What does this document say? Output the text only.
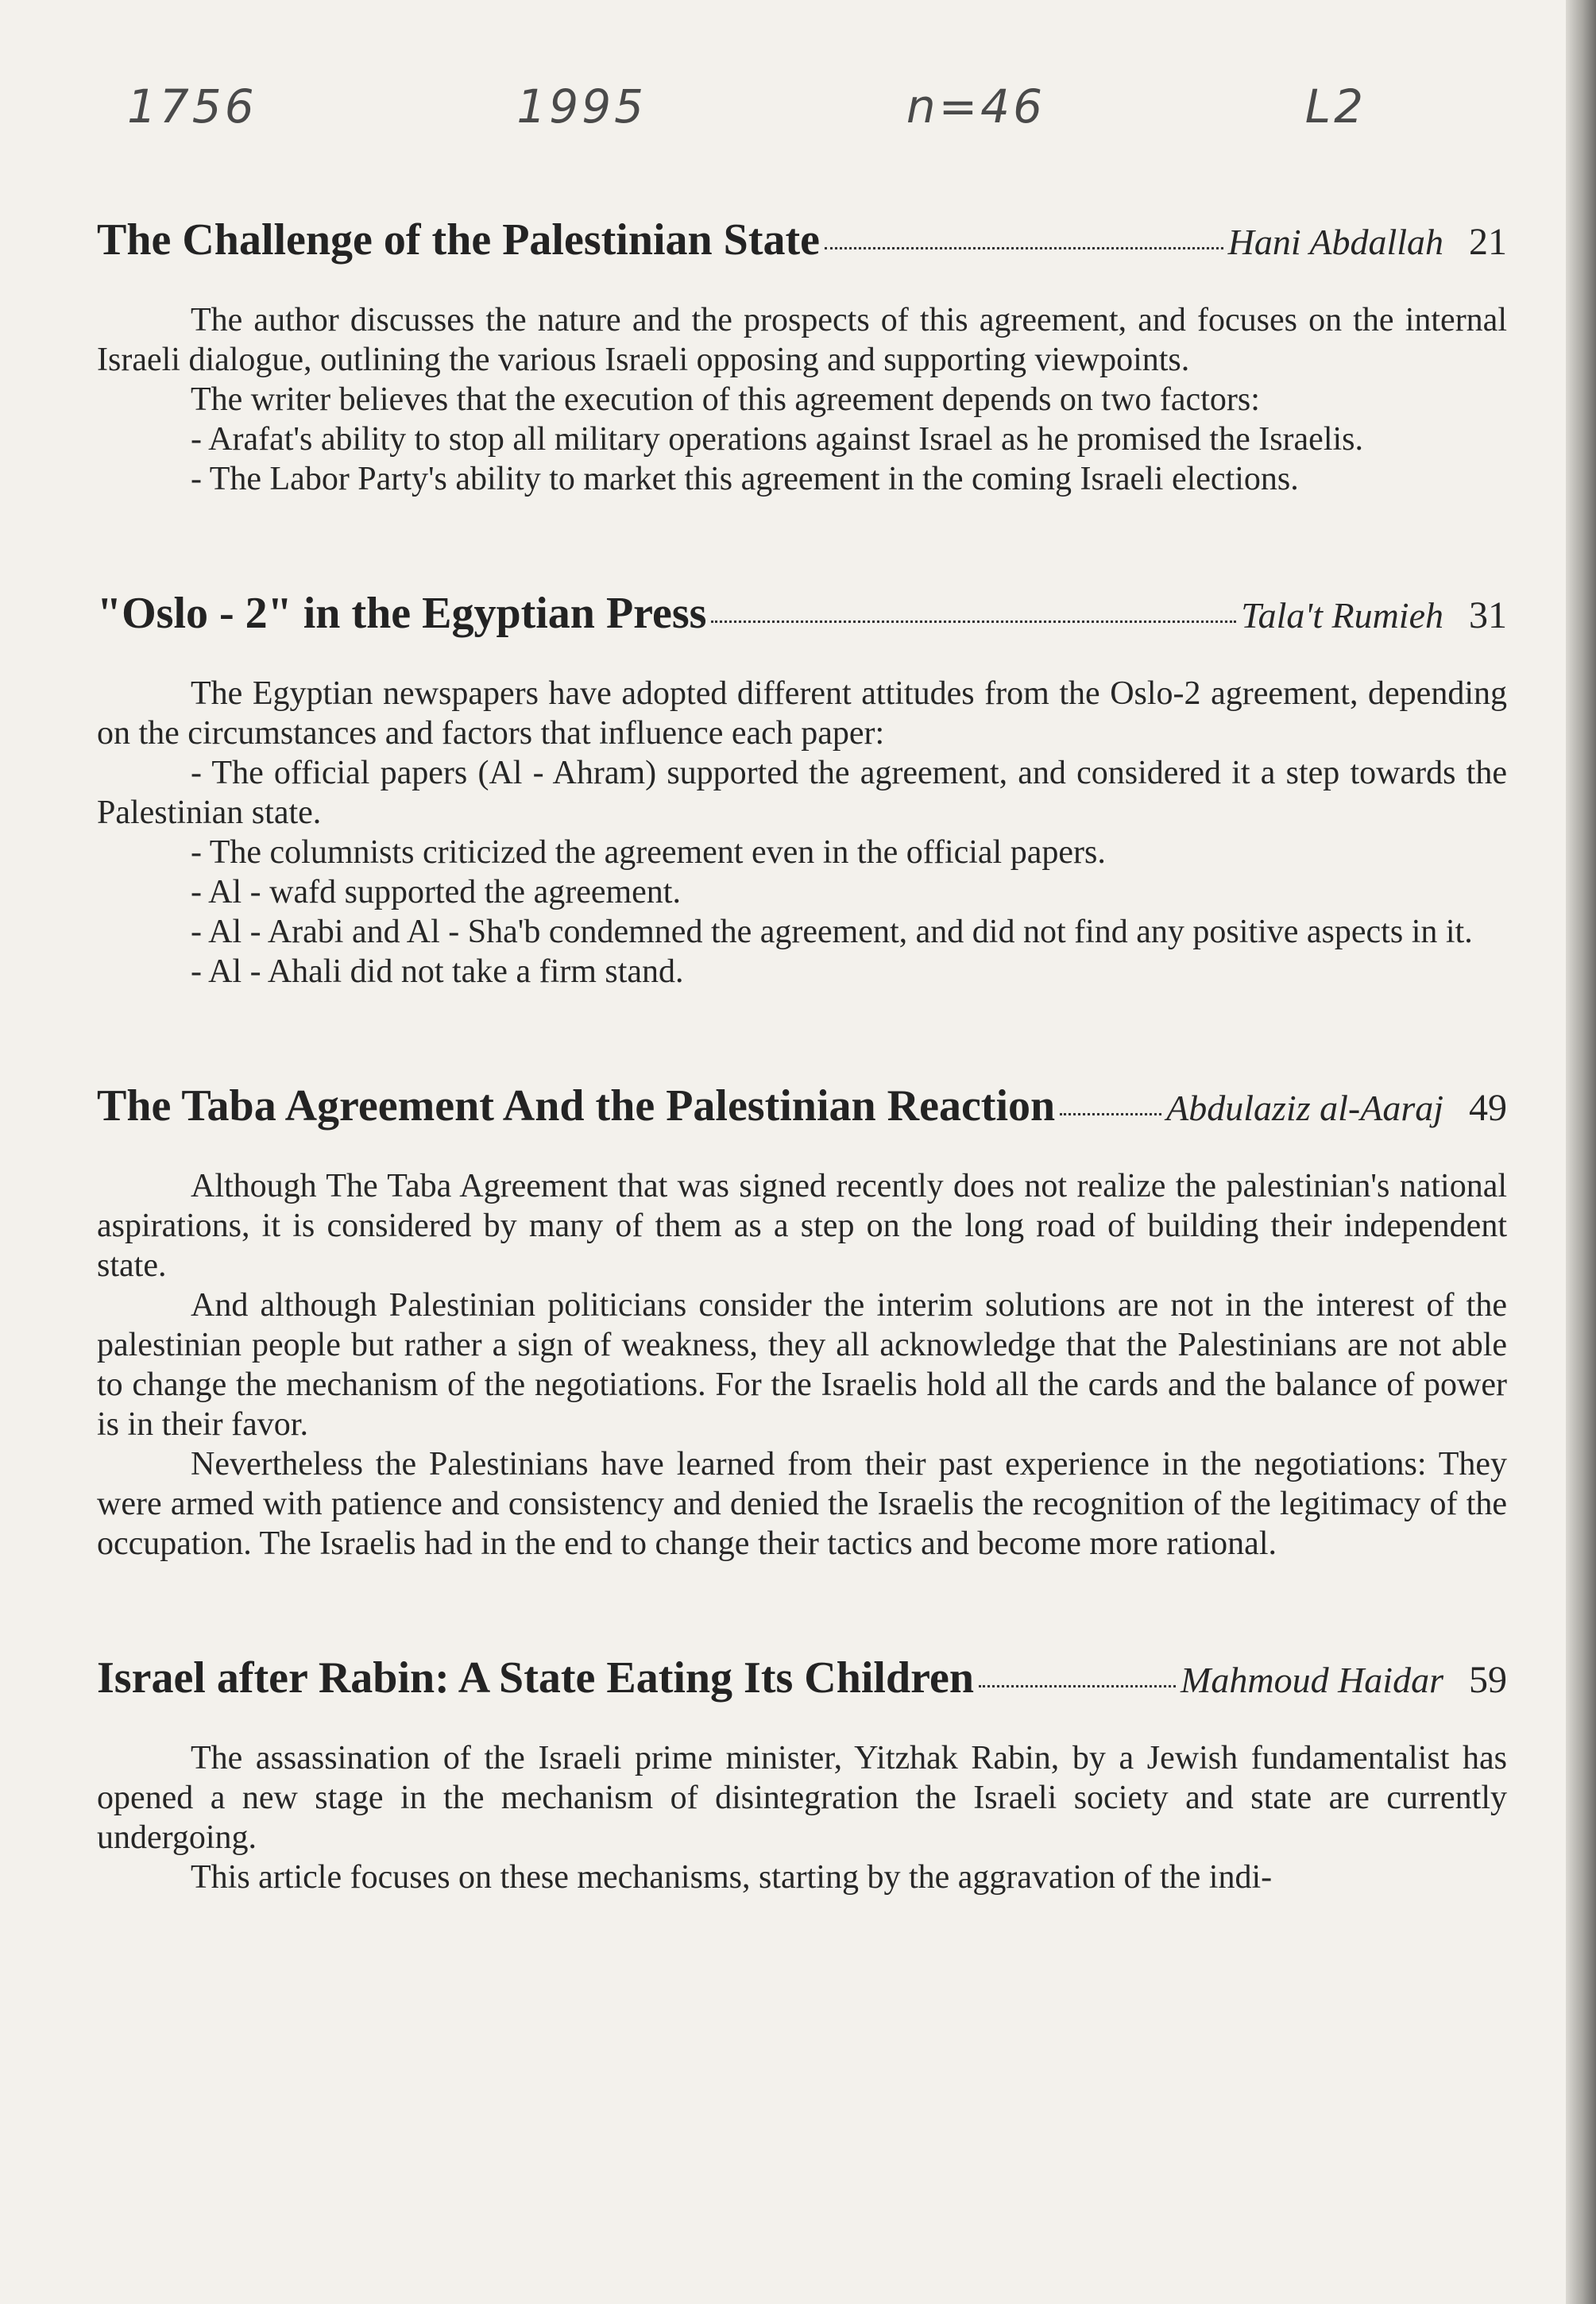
1756	1995	n=46	L2
The Challenge of the Palestinian State	Hani Abdallah 21

The author discusses the nature and the prospects of this agreement, and focuses on the internal Israeli dialogue, outlining the various Israeli opposing and supporting viewpoints.

The writer believes that the execution of this agreement depends on two factors:

- Arafat's ability to stop all military operations against Israel as he promised the Israelis.

- The Labor Party's ability to market this agreement in the coming Israeli elections.

"Oslo - 2" in the Egyptian Press	Tala't Rumieh 31

The Egyptian newspapers have adopted different attitudes from the Oslo-2 agreement, depending on the circumstances and factors that influence each paper:

- The official papers (Al - Ahram) supported the agreement, and considered it a step towards the Palestinian state.

- The columnists criticized the agreement even in the official papers.

- Al - wafd supported the agreement.

- Al - Arabi and Al - Sha'b condemned the agreement, and did not find any positive aspects in it.

- Al - Ahali did not take a firm stand.

The Taba Agreement And the Palestinian Reaction	Abdulaziz al-Aaraj 49

Although The Taba Agreement that was signed recently does not realize the palestinian's national aspirations, it is considered by many of them as a step on the long road of building their independent state.

And although Palestinian politicians consider the interim solutions are not in the interest of the palestinian people but rather a sign of weakness, they all acknowledge that the Palestinians are not able to change the mechanism of the negotiations. For the Israelis hold all the cards and the balance of power is in their favor.

Nevertheless the Palestinians have learned from their past experience in the negotiations: They were armed with patience and consistency and denied the Israelis the recognition of the legitimacy of the occupation. The Israelis had in the end to change their tactics and become more rational.

Israel after Rabin: A State Eating Its Children	Mahmoud Haidar 59

The assassination of the Israeli prime minister, Yitzhak Rabin, by a Jewish fundamentalist has opened a new stage in the mechanism of disintegration the Israeli society and state are currently undergoing.

This article focuses on these mechanisms, starting by the aggravation of the indi-
